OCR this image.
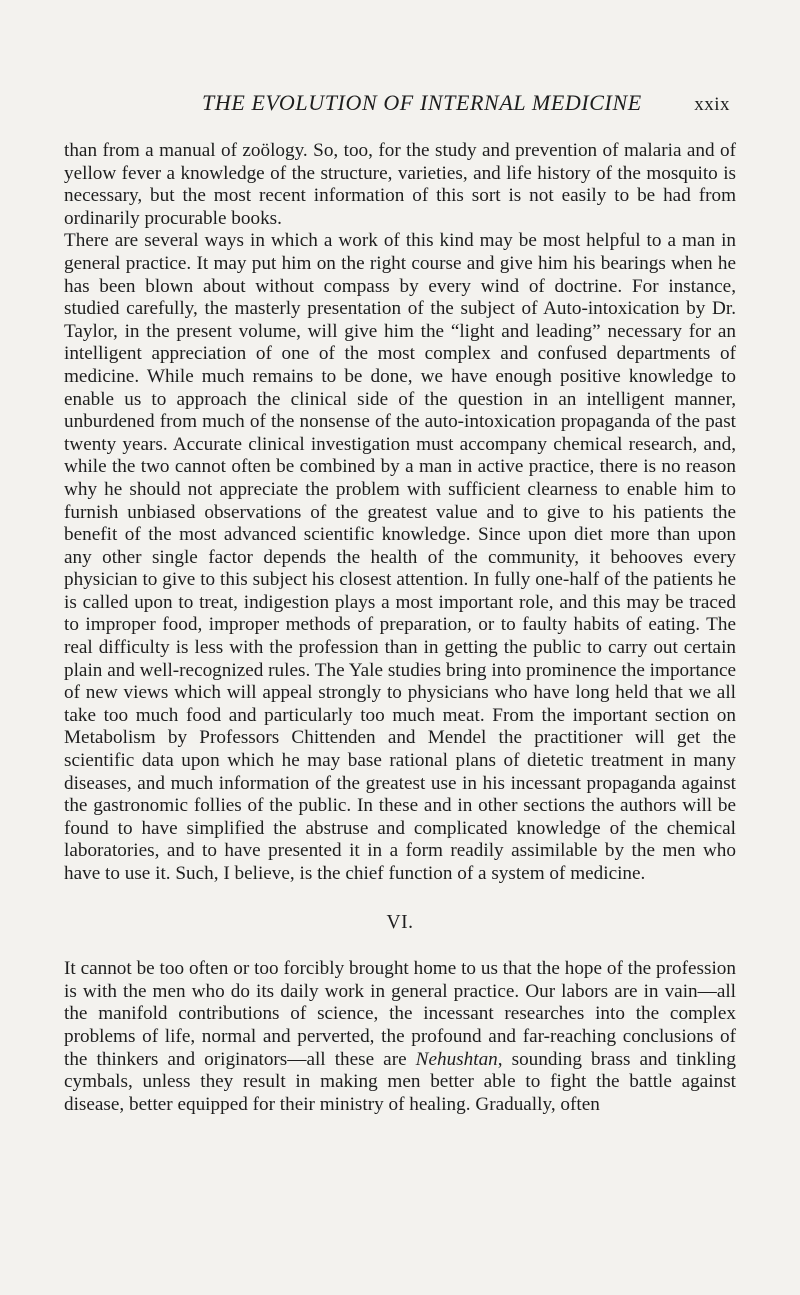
THE EVOLUTION OF INTERNAL MEDICINE	xxix

than from a manual of zoölogy. So, too, for the study and prevention of malaria and of yellow fever a knowledge of the structure, varieties, and life history of the mosquito is necessary, but the most recent information of this sort is not easily to be had from ordinarily procurable books.

There are several ways in which a work of this kind may be most helpful to a man in general practice. It may put him on the right course and give him his bearings when he has been blown about without compass by every wind of doctrine. For instance, studied carefully, the masterly presentation of the subject of Auto-intoxication by Dr. Taylor, in the present volume, will give him the “light and leading” necessary for an intelligent appreciation of one of the most complex and confused departments of medicine. While much remains to be done, we have enough positive knowledge to enable us to approach the clinical side of the question in an intelligent manner, unburdened from much of the nonsense of the auto-intoxication propaganda of the past twenty years. Accurate clinical investigation must accompany chemical research, and, while the two cannot often be combined by a man in active practice, there is no reason why he should not appreciate the problem with sufficient clearness to enable him to furnish unbiased observations of the greatest value and to give to his patients the benefit of the most advanced scientific knowledge. Since upon diet more than upon any other single factor depends the health of the community, it behooves every physician to give to this subject his closest attention. In fully one-half of the patients he is called upon to treat, indigestion plays a most important role, and this may be traced to improper food, improper methods of preparation, or to faulty habits of eating. The real difficulty is less with the profession than in getting the public to carry out certain plain and well-recognized rules. The Yale studies bring into prominence the importance of new views which will appeal strongly to physicians who have long held that we all take too much food and particularly too much meat. From the important section on Metabolism by Professors Chittenden and Mendel the practitioner will get the scientific data upon which he may base rational plans of dietetic treatment in many diseases, and much information of the greatest use in his incessant propaganda against the gastronomic follies of the public. In these and in other sections the authors will be found to have simplified the abstruse and complicated knowledge of the chemical laboratories, and to have presented it in a form readily assimilable by the men who have to use it. Such, I believe, is the chief function of a system of medicine.

VI.

It cannot be too often or too forcibly brought home to us that the hope of the profession is with the men who do its daily work in general practice. Our labors are in vain—all the manifold contributions of science, the incessant researches into the complex problems of life, normal and perverted, the profound and far-reaching conclusions of the thinkers and originators—all these are Nehushtan, sounding brass and tinkling cymbals, unless they result in making men better able to fight the battle against disease, better equipped for their ministry of healing. Gradually, often
